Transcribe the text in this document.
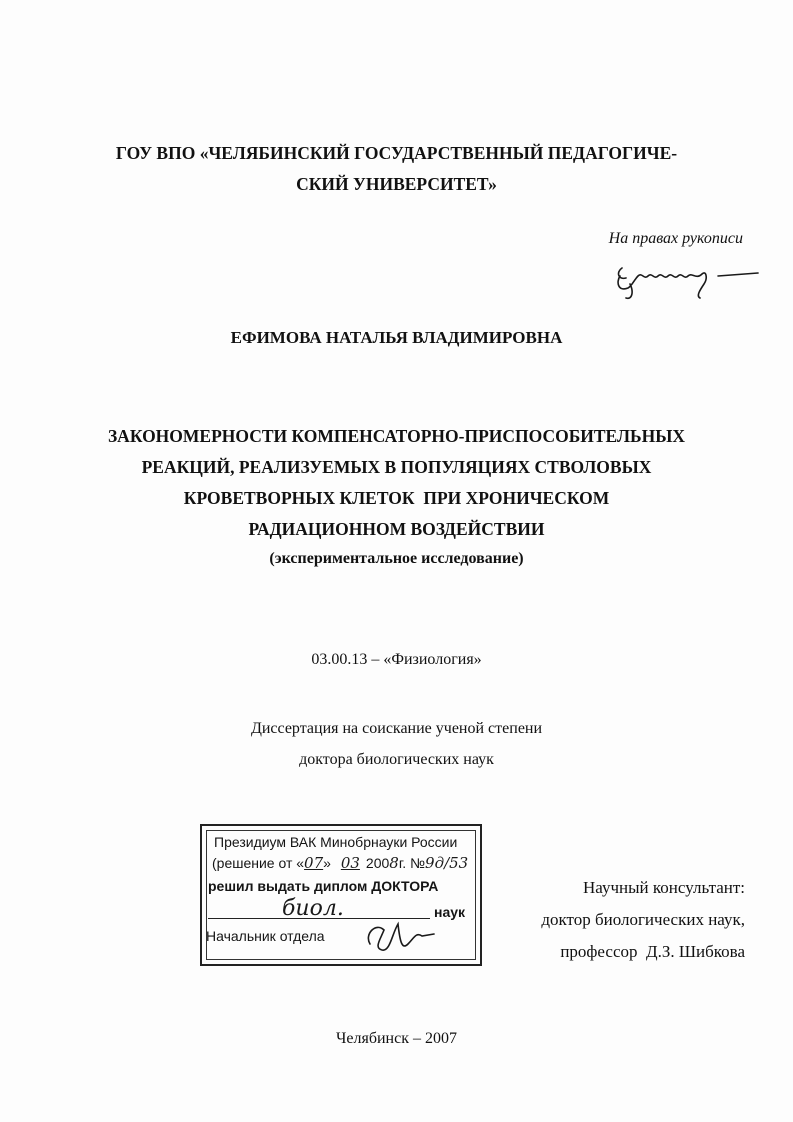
ГОУ ВПО «ЧЕЛЯБИНСКИЙ ГОСУДАРСТВЕННЫЙ ПЕДАГОГИЧЕ-
СКИЙ УНИВЕРСИТЕТ»
На правах рукописи
ЕФИМОВА НАТАЛЬЯ ВЛАДИМИРОВНА
ЗАКОНОМЕРНОСТИ КОМПЕНСАТОРНО-ПРИСПОСОБИТЕЛЬНЫХ
РЕАКЦИЙ, РЕАЛИЗУЕМЫХ В ПОПУЛЯЦИЯХ СТВОЛОВЫХ
КРОВЕТВОРНЫХ КЛЕТОК  ПРИ ХРОНИЧЕСКОМ
РАДИАЦИОННОМ ВОЗДЕЙСТВИИ
(экспериментальное исследование)
03.00.13 – «Физиология»
Диссертация на соискание ученой степени
доктора биологических наук
Президиум ВАК Минобрнауки России
(решение от «07» 03 2008г. №9д/53
решил выдать диплом ДОКТОРА
биол.	наук
Начальник отдела
Научный консультант:
доктор биологических наук,
профессор  Д.З. Шибкова
Челябинск – 2007
